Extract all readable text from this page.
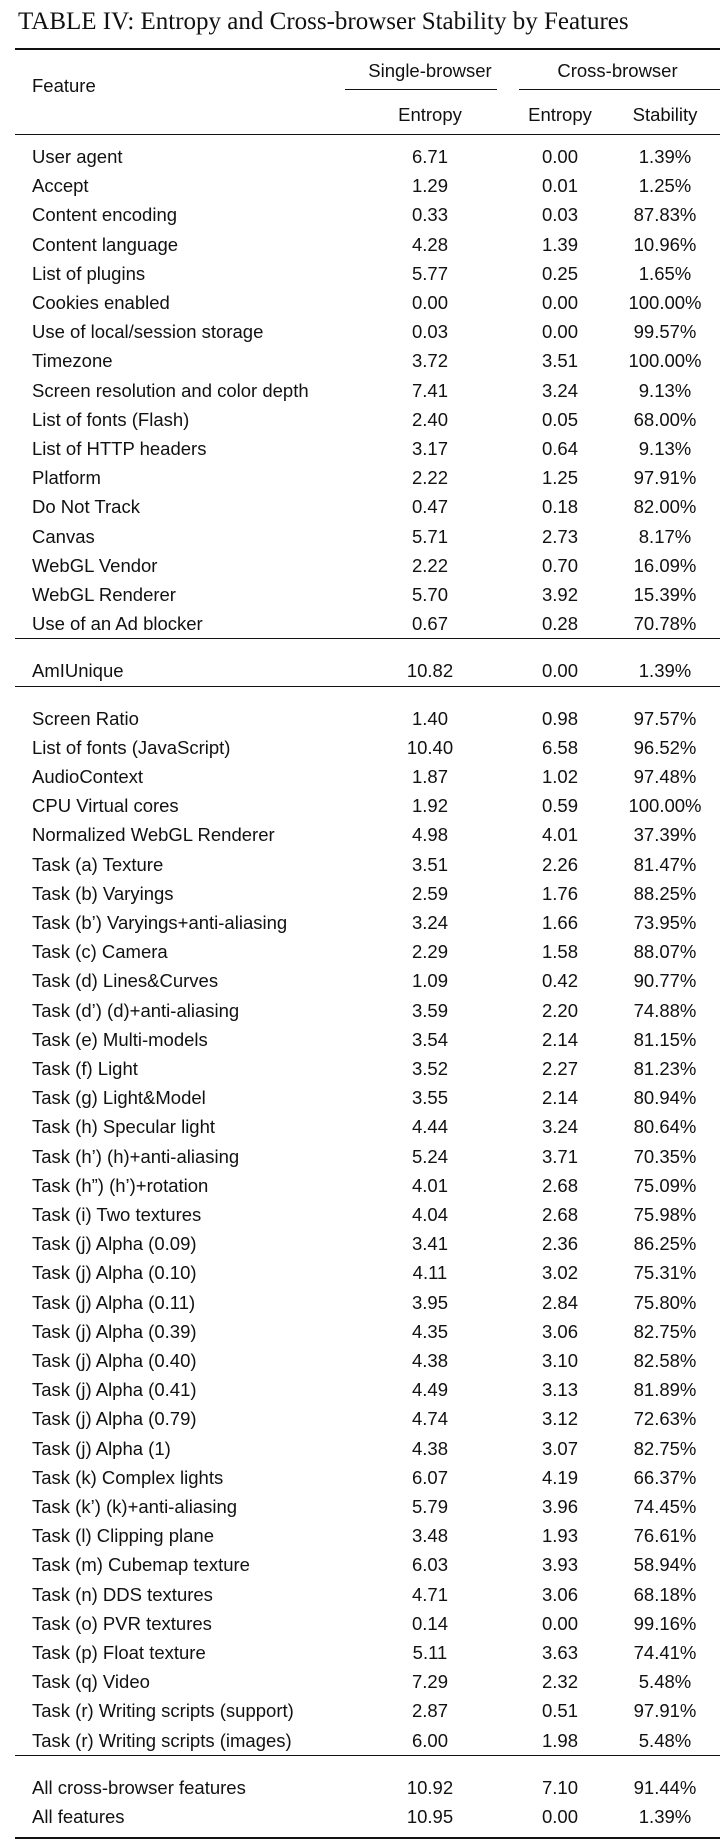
TABLE IV: Entropy and Cross-browser Stability by Features
Feature
Single-browser	Cross-browser
Entropy	Entropy	Stability
User agent	6.71	0.00	1.39%
Accept	1.29	0.01	1.25%
Content encoding	0.33	0.03	87.83%
Content language	4.28	1.39	10.96%
List of plugins	5.77	0.25	1.65%
Cookies enabled	0.00	0.00	100.00%
Use of local/session storage	0.03	0.00	99.57%
Timezone	3.72	3.51	100.00%
Screen resolution and color depth	7.41	3.24	9.13%
List of fonts (Flash)	2.40	0.05	68.00%
List of HTTP headers	3.17	0.64	9.13%
Platform	2.22	1.25	97.91%
Do Not Track	0.47	0.18	82.00%
Canvas	5.71	2.73	8.17%
WebGL Vendor	2.22	0.70	16.09%
WebGL Renderer	5.70	3.92	15.39%
Use of an Ad blocker	0.67	0.28	70.78%
AmIUnique	10.82	0.00	1.39%
Screen Ratio	1.40	0.98	97.57%
List of fonts (JavaScript)	10.40	6.58	96.52%
AudioContext	1.87	1.02	97.48%
CPU Virtual cores	1.92	0.59	100.00%
Normalized WebGL Renderer	4.98	4.01	37.39%
Task (a) Texture	3.51	2.26	81.47%
Task (b) Varyings	2.59	1.76	88.25%
Task (b’) Varyings+anti-aliasing	3.24	1.66	73.95%
Task (c) Camera	2.29	1.58	88.07%
Task (d) Lines&Curves	1.09	0.42	90.77%
Task (d’) (d)+anti-aliasing	3.59	2.20	74.88%
Task (e) Multi-models	3.54	2.14	81.15%
Task (f) Light	3.52	2.27	81.23%
Task (g) Light&Model	3.55	2.14	80.94%
Task (h) Specular light	4.44	3.24	80.64%
Task (h’) (h)+anti-aliasing	5.24	3.71	70.35%
Task (h”) (h’)+rotation	4.01	2.68	75.09%
Task (i) Two textures	4.04	2.68	75.98%
Task (j) Alpha (0.09)	3.41	2.36	86.25%
Task (j) Alpha (0.10)	4.11	3.02	75.31%
Task (j) Alpha (0.11)	3.95	2.84	75.80%
Task (j) Alpha (0.39)	4.35	3.06	82.75%
Task (j) Alpha (0.40)	4.38	3.10	82.58%
Task (j) Alpha (0.41)	4.49	3.13	81.89%
Task (j) Alpha (0.79)	4.74	3.12	72.63%
Task (j) Alpha (1)	4.38	3.07	82.75%
Task (k) Complex lights	6.07	4.19	66.37%
Task (k’) (k)+anti-aliasing	5.79	3.96	74.45%
Task (l) Clipping plane	3.48	1.93	76.61%
Task (m) Cubemap texture	6.03	3.93	58.94%
Task (n) DDS textures	4.71	3.06	68.18%
Task (o) PVR textures	0.14	0.00	99.16%
Task (p) Float texture	5.11	3.63	74.41%
Task (q) Video	7.29	2.32	5.48%
Task (r) Writing scripts (support)	2.87	0.51	97.91%
Task (r) Writing scripts (images)	6.00	1.98	5.48%
All cross-browser features	10.92	7.10	91.44%
All features	10.95	0.00	1.39%
